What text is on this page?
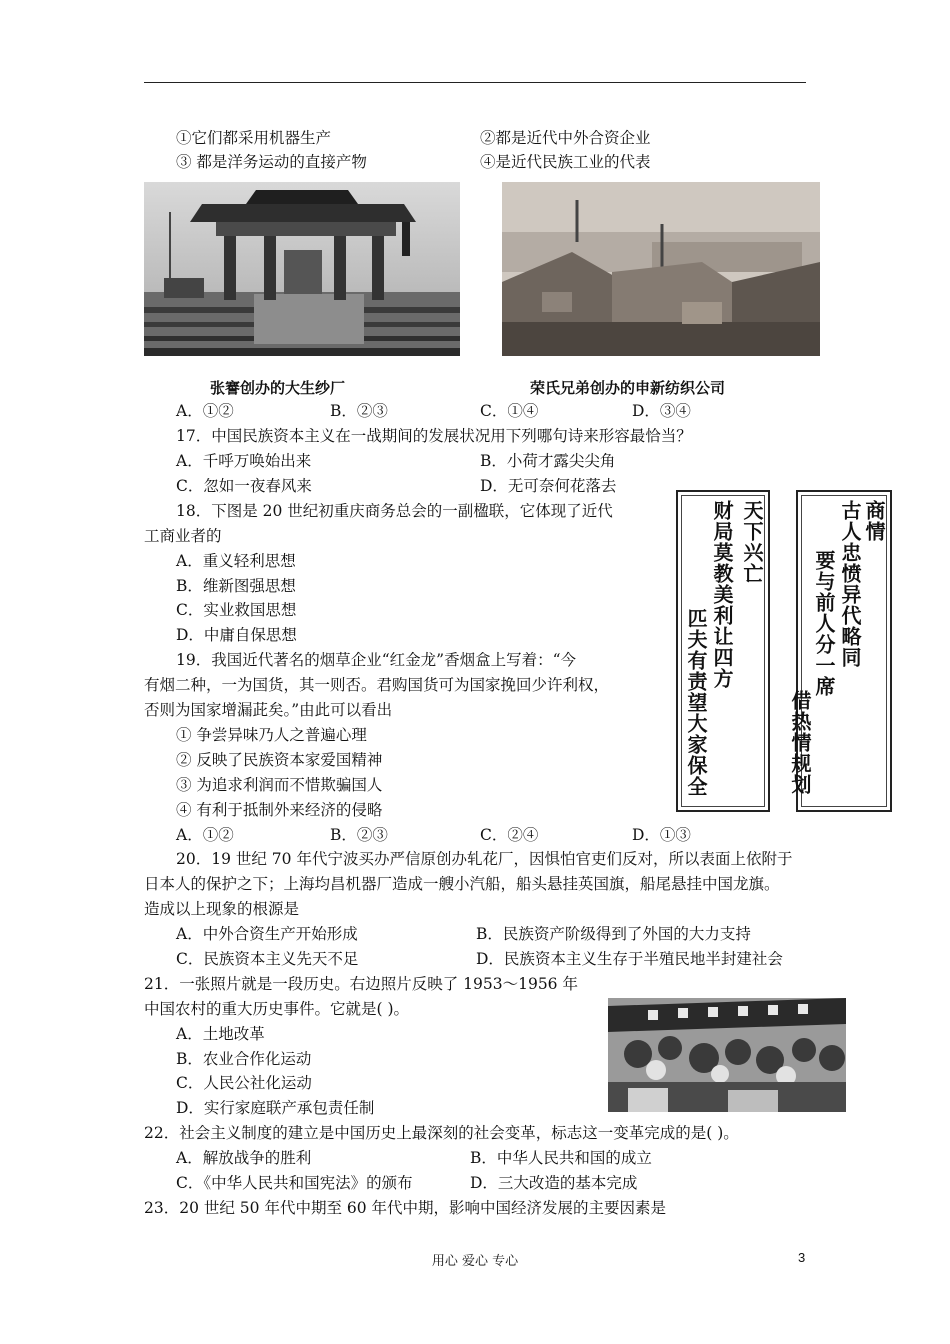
①它们都采用机器生产	②都是近代中外合资企业
③ 都是洋务运动的直接产物	④是近代民族工业的代表
张謇创办的大生纱厂	荣氏兄弟创办的申新纺织公司
A．①②	B．②③	C．①④	D．③④
17．中国民族资本主义在一战期间的发展状况用下列哪句诗来形容最恰当？
A．千呼万唤始出来	B．小荷才露尖尖角
C．忽如一夜春风来	D．无可奈何花落去
18．下图是 20 世纪初重庆商务总会的一副楹联，它体现了近代
工商业者的
A．重义轻利思想
B．维新图强思想
C．实业救国思想
D．中庸自保思想
天下兴亡
财局莫教美利让四方
匹夫有责望大家保全
商情
古人忠愤异代略同
要与前人分一席
借热情规划
19．我国近代著名的烟草企业“红金龙”香烟盒上写着：“今
有烟二种，一为国货，其一则否。君购国货可为国家挽回少许利权，
否则为国家增漏茈矣。”由此可以看出
① 争尝异味乃人之普遍心理
② 反映了民族资本家爱国精神
③ 为追求利润而不惜欺骗国人
④ 有利于抵制外来经济的侵略
A．①②	B．②③	C．②④	D．①③
20．19 世纪 70 年代宁波买办严信原创办轧花厂，因惧怕官吏们反对，所以表面上依附于
日本人的保护之下；上海均昌机器厂造成一艘小汽船，船头悬挂英国旗，船尾悬挂中国龙旗。
造成以上现象的根源是
A．中外合资生产开始形成	B．民族资产阶级得到了外国的大力支持
C．民族资本主义先天不足	D．民族资本主义生存于半殖民地半封建社会
21．一张照片就是一段历史。右边照片反映了 1953～1956 年
中国农村的重大历史事件。它就是( )。
A．土地改革
B．农业合作化运动
C．人民公社化运动
D．实行家庭联产承包责任制
22．社会主义制度的建立是中国历史上最深刻的社会变革，标志这一变革完成的是( )。
A．解放战争的胜利	B．中华人民共和国的成立
C．《中华人民共和国宪法》的颁布	D．三大改造的基本完成
23．20 世纪 50 年代中期至 60 年代中期，影响中国经济发展的主要因素是
用心 爱心 专心	3
